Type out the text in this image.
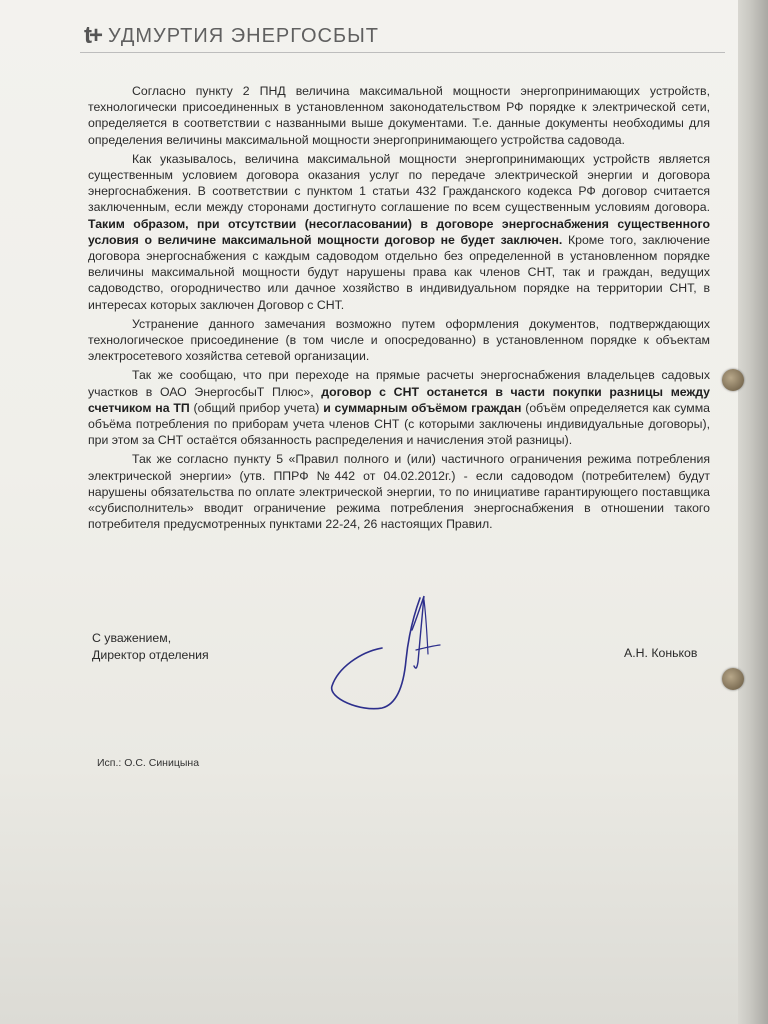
t+ УДМУРТИЯ ЭНЕРГОСБЫТ

Согласно пункту 2 ПНД величина максимальной мощности энергопринимающих устройств, технологически присоединенных в установленном законодательством РФ порядке к электрической сети, определяется в соответствии с названными выше документами. Т.е. данные документы необходимы для определения величины максимальной мощности энергопринимающего устройства садовода.

Как указывалось, величина максимальной мощности энергопринимающих устройств является существенным условием договора оказания услуг по передаче электрической энергии и договора энергоснабжения. В соответствии с пунктом 1 статьи 432 Гражданского кодекса РФ договор считается заключенным, если между сторонами достигнуто соглашение по всем существенным условиям договора. Таким образом, при отсутствии (несогласовании) в договоре энергоснабжения существенного условия о величине максимальной мощности договор не будет заключен. Кроме того, заключение договора энергоснабжения с каждым садоводом отдельно без определенной в установленном порядке величины максимальной мощности будут нарушены права как членов СНТ, так и граждан, ведущих садоводство, огородничество или дачное хозяйство в индивидуальном порядке на территории СНТ, в интересах которых заключен Договор с СНТ.

Устранение данного замечания возможно путем оформления документов, подтверждающих технологическое присоединение (в том числе и опосредованно) в установленном порядке к объектам электросетевого хозяйства сетевой организации.

Так же сообщаю, что при переходе на прямые расчеты энергоснабжения владельцев садовых участков в ОАО ЭнергосбыТ Плюс», договор с СНТ останется в части покупки разницы между счетчиком на ТП (общий прибор учета) и суммарным объёмом граждан (объём определяется как сумма объёма потребления по приборам учета членов СНТ (с которыми заключены индивидуальные договоры), при этом за СНТ остаётся обязанность распределения и начисления этой разницы).

Так же согласно пункту 5 «Правил полного и (или) частичного ограничения режима потребления электрической энергии» (утв. ППРФ №442 от 04.02.2012г.) - если садоводом (потребителем) будут нарушены обязательства по оплате электрической энергии, то по инициативе гарантирующего поставщика «субисполнитель» вводит ограничение режима потребления энергоснабжения в отношении такого потребителя предусмотренных пунктами 22-24, 26 настоящих Правил.

С уважением,
Директор отделения	А.Н. Коньков
Исп.: О.С. Синицына
